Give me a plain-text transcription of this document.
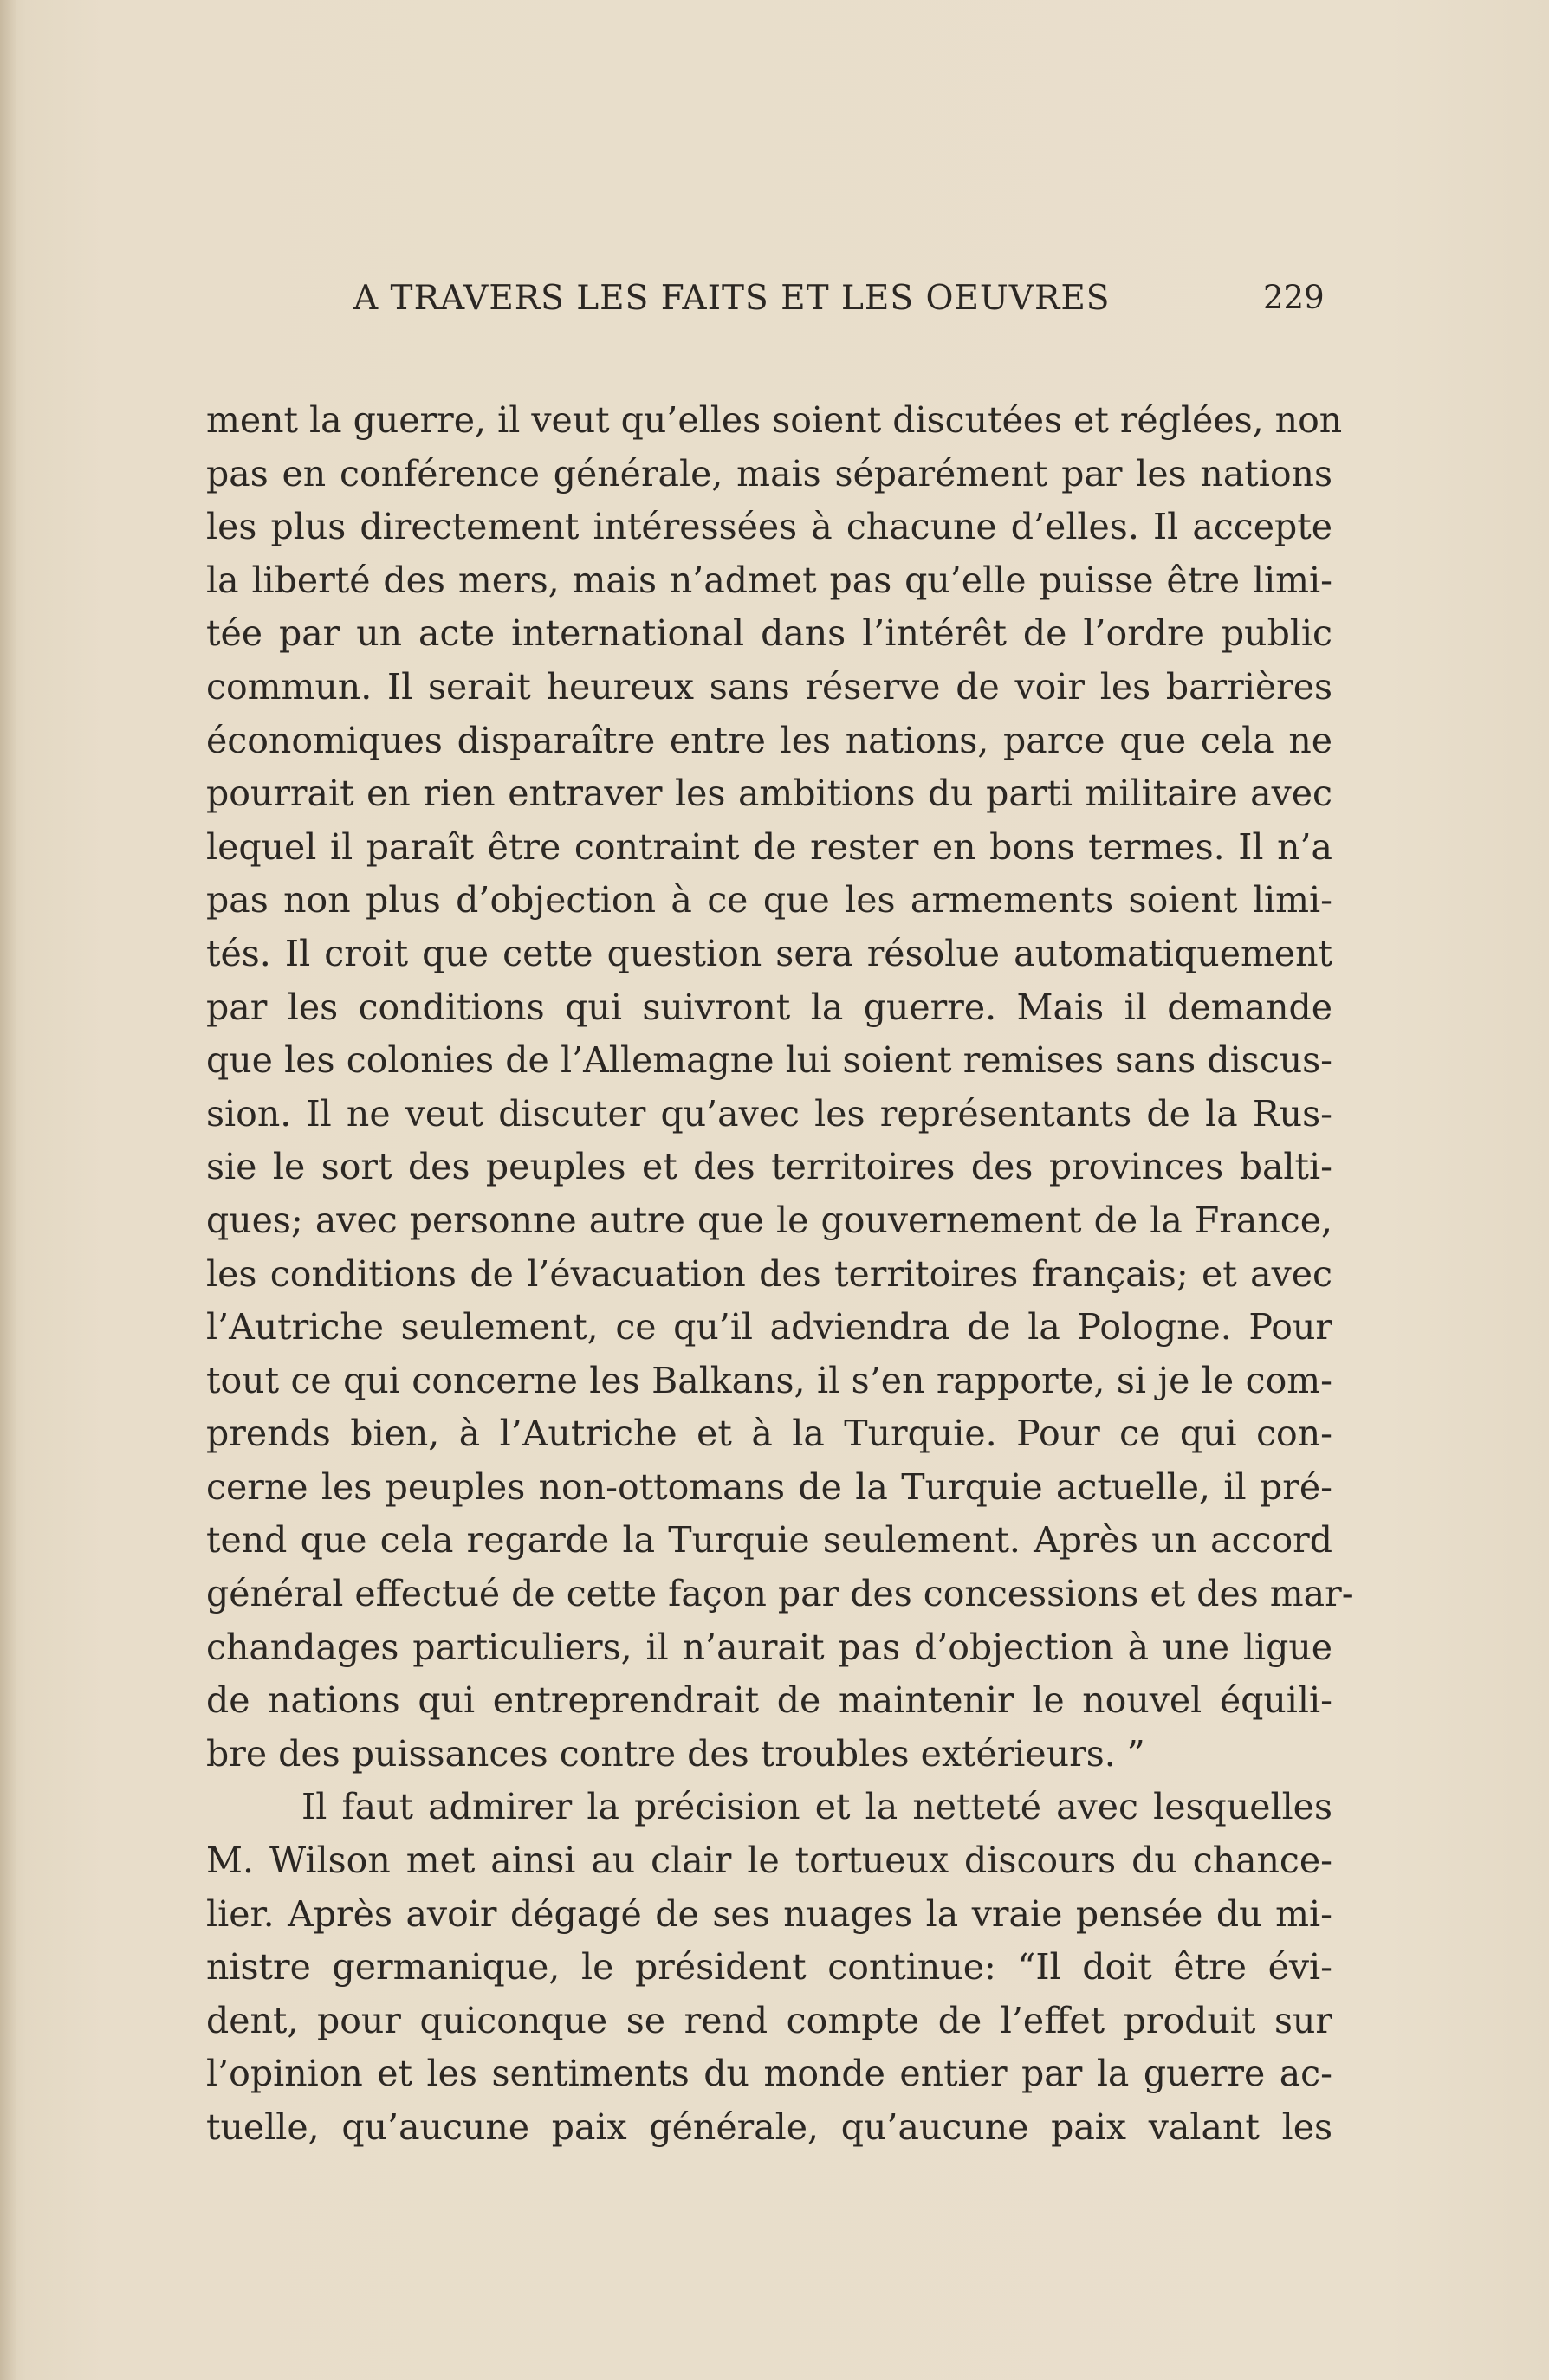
A TRAVERS LES FAITS ET LES OEUVRES	229
ment la guerre, il veut qu’elles soient discutées et réglées, non
pas en conférence générale, mais séparément par les nations
les plus directement intéressées à chacune d’elles. Il accepte
la liberté des mers, mais n’admet pas qu’elle puisse être limi-
tée par un acte international dans l’intérêt de l’ordre public
commun. Il serait heureux sans réserve de voir les barrières
économiques disparaître entre les nations, parce que cela ne
pourrait en rien entraver les ambitions du parti militaire avec
lequel il paraît être contraint de rester en bons termes. Il n’a
pas non plus d’objection à ce que les armements soient limi-
tés. Il croit que cette question sera résolue automatiquement
par les conditions qui suivront la guerre. Mais il demande
que les colonies de l’Allemagne lui soient remises sans discus-
sion. Il ne veut discuter qu’avec les représentants de la Rus-
sie le sort des peuples et des territoires des provinces balti-
ques; avec personne autre que le gouvernement de la France,
les conditions de l’évacuation des territoires français; et avec
l’Autriche seulement, ce qu’il adviendra de la Pologne. Pour
tout ce qui concerne les Balkans, il s’en rapporte, si je le com-
prends bien, à l’Autriche et à la Turquie. Pour ce qui con-
cerne les peuples non-ottomans de la Turquie actuelle, il pré-
tend que cela regarde la Turquie seulement. Après un accord
général effectué de cette façon par des concessions et des mar-
chandages particuliers, il n’aurait pas d’objection à une ligue
de nations qui entreprendrait de maintenir le nouvel équili-
bre des puissances contre des troubles extérieurs. ”
Il faut admirer la précision et la netteté avec lesquelles
M. Wilson met ainsi au clair le tortueux discours du chance-
lier. Après avoir dégagé de ses nuages la vraie pensée du mi-
nistre germanique, le président continue: “Il doit être évi-
dent, pour quiconque se rend compte de l’effet produit sur
l’opinion et les sentiments du monde entier par la guerre ac-
tuelle, qu’aucune paix générale, qu’aucune paix valant les
